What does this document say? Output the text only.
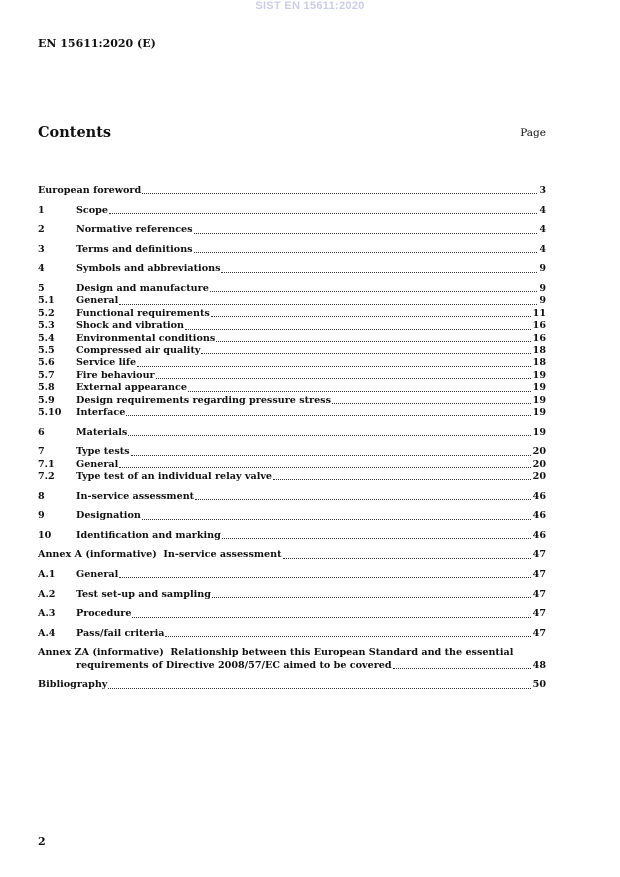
SIST EN 15611:2020
EN 15611:2020 (E)
Contents	Page
European foreword	3
1	Scope	4
2	Normative references	4
3	Terms and definitions	4
4	Symbols and abbreviations	9
5	Design and manufacture	9
5.1	General	9
5.2	Functional requirements	11
5.3	Shock and vibration	16
5.4	Environmental conditions	16
5.5	Compressed air quality	18
5.6	Service life	18
5.7	Fire behaviour	19
5.8	External appearance	19
5.9	Design requirements regarding pressure stress	19
5.10	Interface	19
6	Materials	19
7	Type tests	20
7.1	General	20
7.2	Type test of an individual relay valve	20
8	In-service assessment	46
9	Designation	46
10	Identification and marking	46
Annex A (informative)  In-service assessment	47
A.1	General	47
A.2	Test set-up and sampling	47
A.3	Procedure	47
A.4	Pass/fail criteria	47
Annex ZA (informative)  Relationship between this European Standard and the essential
requirements of Directive 2008/57/EC aimed to be covered	48
Bibliography	50
2
